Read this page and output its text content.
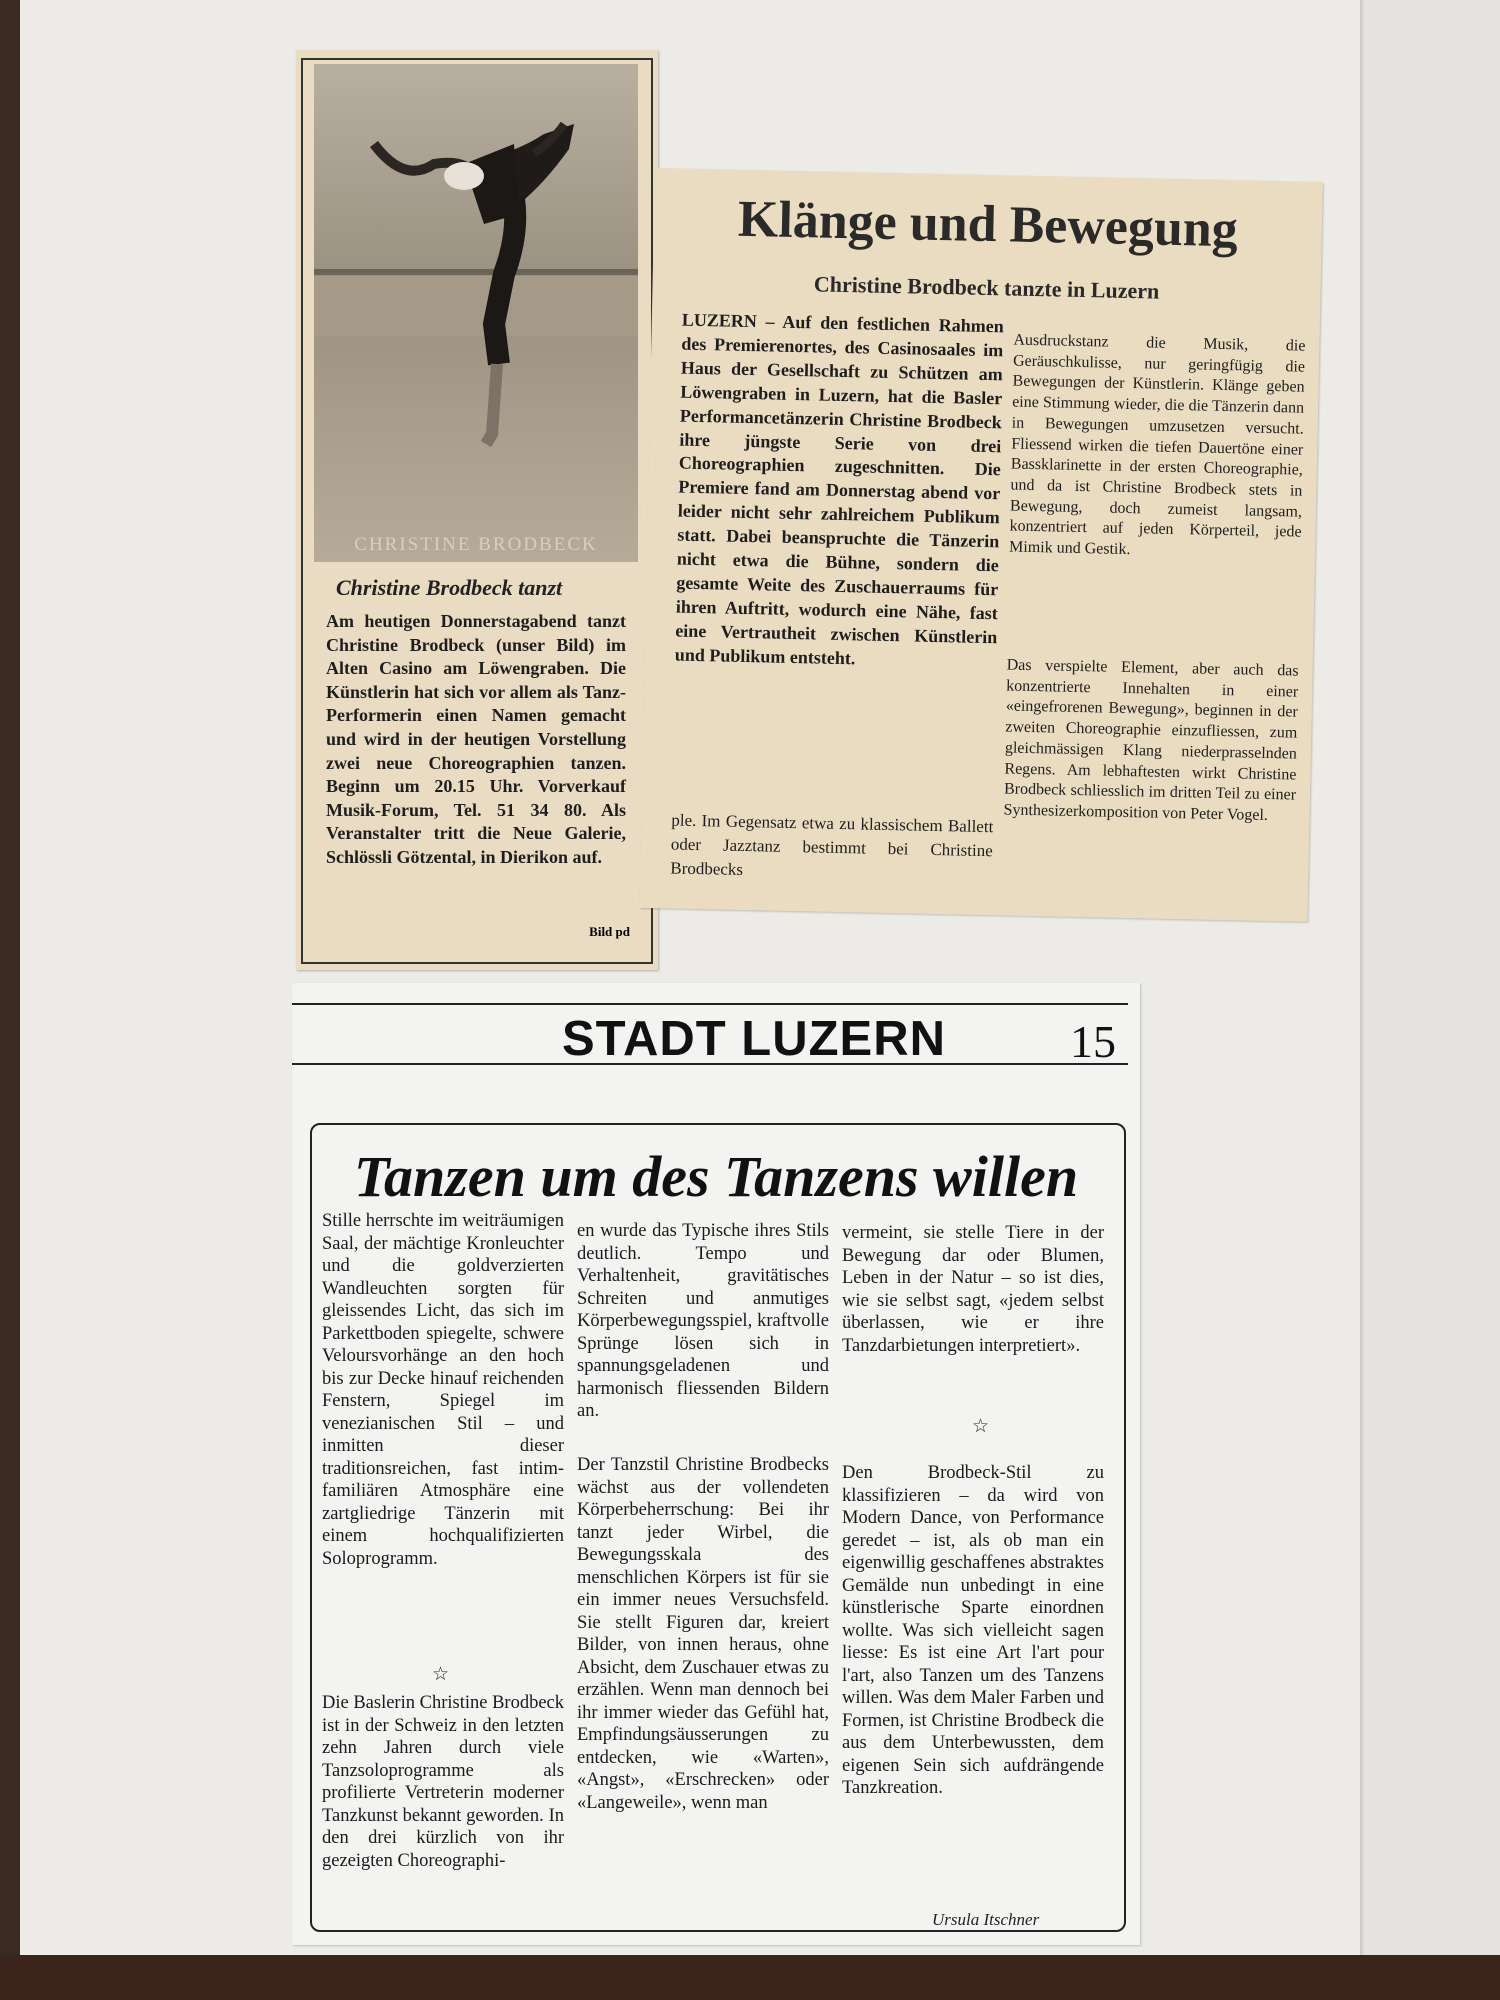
CHRISTINE BRODBECK
Christine Brodbeck tanzt

Am heutigen Donnerstagabend tanzt Christine Brodbeck (unser Bild) im Alten Casino am Löwengraben. Die Künstlerin hat sich vor allem als Tanz-Performerin einen Namen gemacht und wird in der heutigen Vorstellung zwei neue Choreographien tanzen. Beginn um 20.15 Uhr. Vorverkauf Musik-Forum, Tel. 51 34 80. Als Veranstalter tritt die Neue Galerie, Schlössli Götzental, in Dierikon auf.

Bild pd
Klänge und Bewegung
Christine Brodbeck tanzte in Luzern

LUZERN – Auf den festlichen Rahmen des Premierenortes, des Casinosaales im Haus der Gesellschaft zu Schützen am Löwengraben in Luzern, hat die Basler Performancetänzerin Christine Brodbeck ihre jüngste Serie von drei Choreographien zugeschnitten. Die Premiere fand am Donnerstag abend vor leider nicht sehr zahlreichem Publikum statt. Dabei beanspruchte die Tänzerin nicht etwa die Bühne, sondern die gesamte Weite des Zuschauerraums für ihren Auftritt, wodurch eine Nähe, fast eine Vertrautheit zwischen Künstlerin und Publikum entsteht.

ple. Im Gegensatz etwa zu klassischem Ballett oder Jazztanz bestimmt bei Christine Brodbecks

Ausdruckstanz die Musik, die Geräuschkulisse, nur geringfügig die Bewegungen der Künstlerin. Klänge geben eine Stimmung wieder, die die Tänzerin dann in Bewegungen umzusetzen versucht. Fliessend wirken die tiefen Dauertöne einer Bassklarinette in der ersten Choreographie, und da ist Christine Brodbeck stets in Bewegung, doch zumeist langsam, konzentriert auf jeden Körperteil, jede Mimik und Gestik.

Das verspielte Element, aber auch das konzentrierte Innehalten in einer «eingefrorenen Bewegung», beginnen in der zweiten Choreographie einzufliessen, zum gleichmässigen Klang niederprasselnden Regens. Am lebhaftesten wirkt Christine Brodbeck schliesslich im dritten Teil zu einer Synthesizerkomposition von Peter Vogel.

STADT LUZERN	15
Tanzen um des Tanzens willen

Stille herrschte im weiträumigen Saal, der mächtige Kronleuchter und die goldverzierten Wandleuchten sorgten für gleissendes Licht, das sich im Parkettboden spiegelte, schwere Veloursvorhänge an den hoch bis zur Decke hinauf reichenden Fenstern, Spiegel im venezianischen Stil – und inmitten dieser traditionsreichen, fast intim-familiären Atmosphäre eine zartgliedrige Tänzerin mit einem hochqualifizierten Soloprogramm.

☆

Die Baslerin Christine Brodbeck ist in der Schweiz in den letzten zehn Jahren durch viele Tanzsoloprogramme als profilierte Vertreterin moderner Tanzkunst bekannt geworden. In den drei kürzlich von ihr gezeigten Choreographi-

en wurde das Typische ihres Stils deutlich. Tempo und Verhaltenheit, gravitätisches Schreiten und anmutiges Körperbewegungsspiel, kraftvolle Sprünge lösen sich in spannungsgeladenen und harmonisch fliessenden Bildern an.

Der Tanzstil Christine Brodbecks wächst aus der vollendeten Körperbeherrschung: Bei ihr tanzt jeder Wirbel, die Bewegungsskala des menschlichen Körpers ist für sie ein immer neues Versuchsfeld. Sie stellt Figuren dar, kreiert Bilder, von innen heraus, ohne Absicht, dem Zuschauer etwas zu erzählen. Wenn man dennoch bei ihr immer wieder das Gefühl hat, Empfindungsäusserungen zu entdecken, wie «Warten», «Angst», «Erschrecken» oder «Langeweile», wenn man

vermeint, sie stelle Tiere in der Bewegung dar oder Blumen, Leben in der Natur – so ist dies, wie sie selbst sagt, «jedem selbst überlassen, wie er ihre Tanzdarbietungen interpretiert».

☆

Den Brodbeck-Stil zu klassifizieren – da wird von Modern Dance, von Performance geredet – ist, als ob man ein eigenwillig geschaffenes abstraktes Gemälde nun unbedingt in eine künstlerische Sparte einordnen wollte. Was sich vielleicht sagen liesse: Es ist eine Art l'art pour l'art, also Tanzen um des Tanzens willen. Was dem Maler Farben und Formen, ist Christine Brodbeck die aus dem Unterbewussten, dem eigenen Sein sich aufdrängende Tanzkreation.

Ursula Itschner
